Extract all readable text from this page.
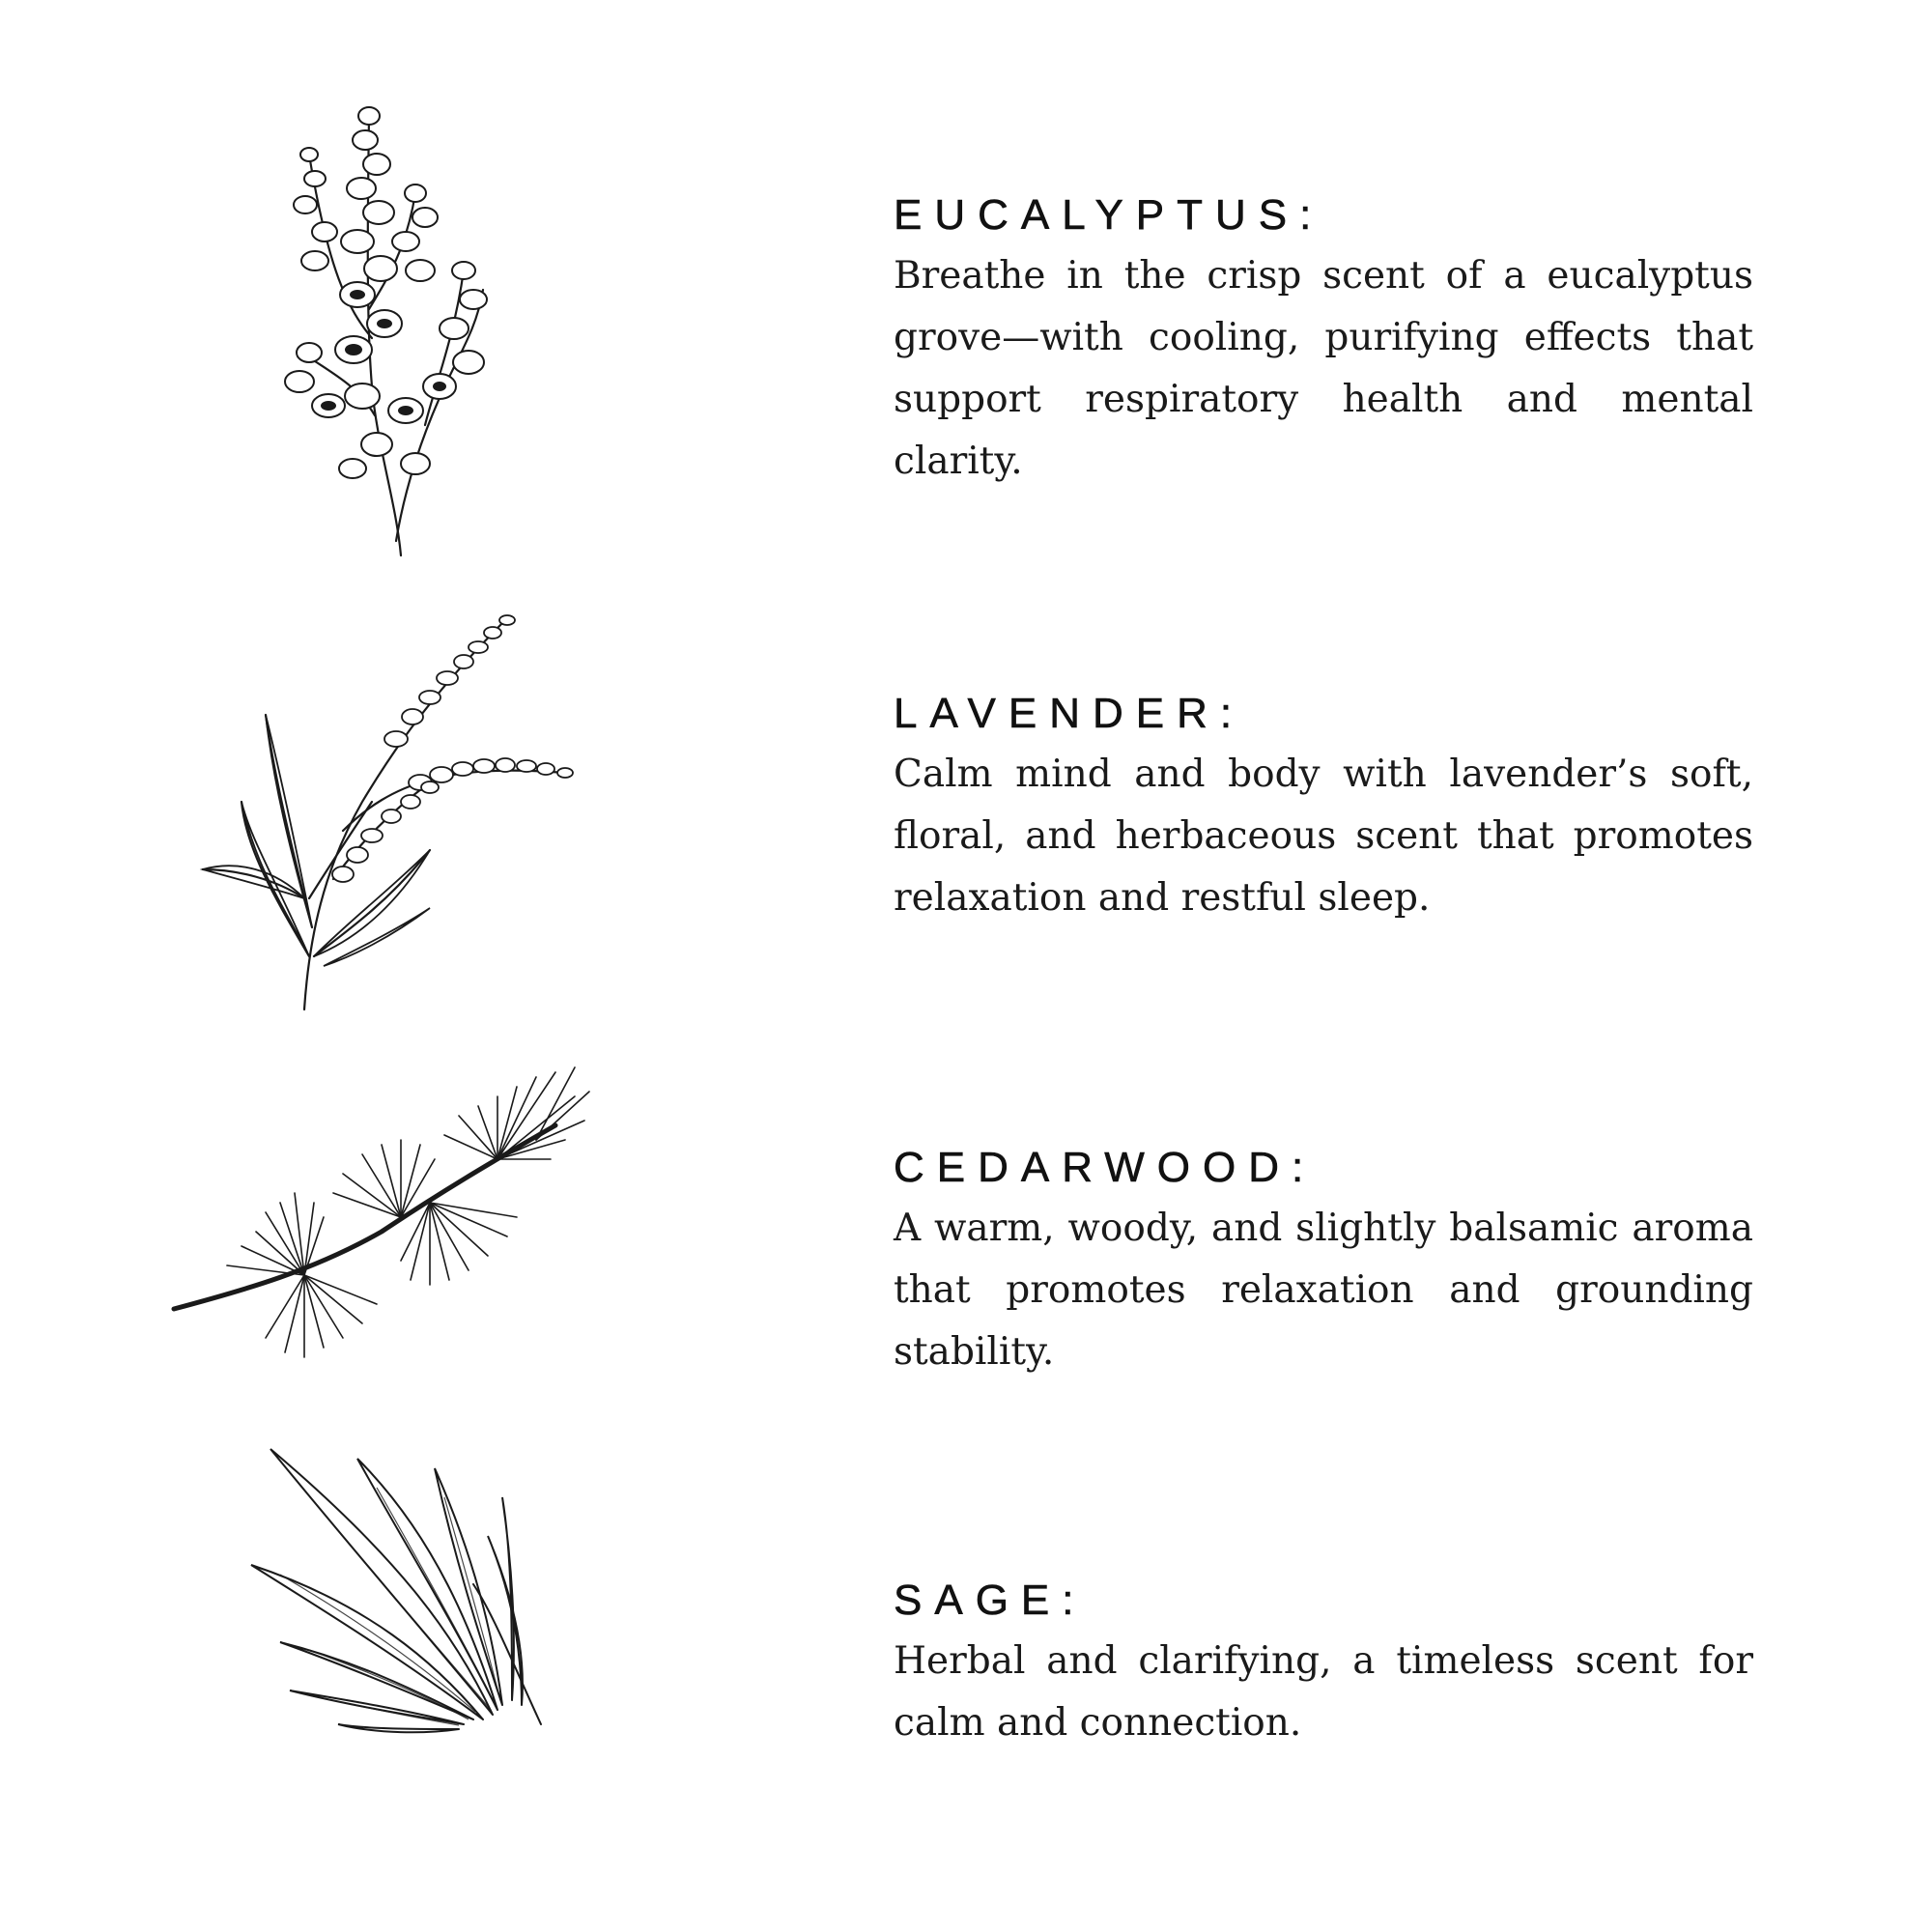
EUCALYPTUS:

Breathe in the crisp scent of a eucalyptus grove—with cooling, purifying effects that support respiratory health and mental clarity.

LAVENDER:

Calm mind and body with lavender’s soft, floral, and herbaceous scent that promotes relaxation and restful sleep.

CEDARWOOD:

A warm, woody, and slightly balsamic aroma that promotes relaxation and grounding stability.

SAGE:

Herbal and clarifying, a timeless scent for calm and connection.
